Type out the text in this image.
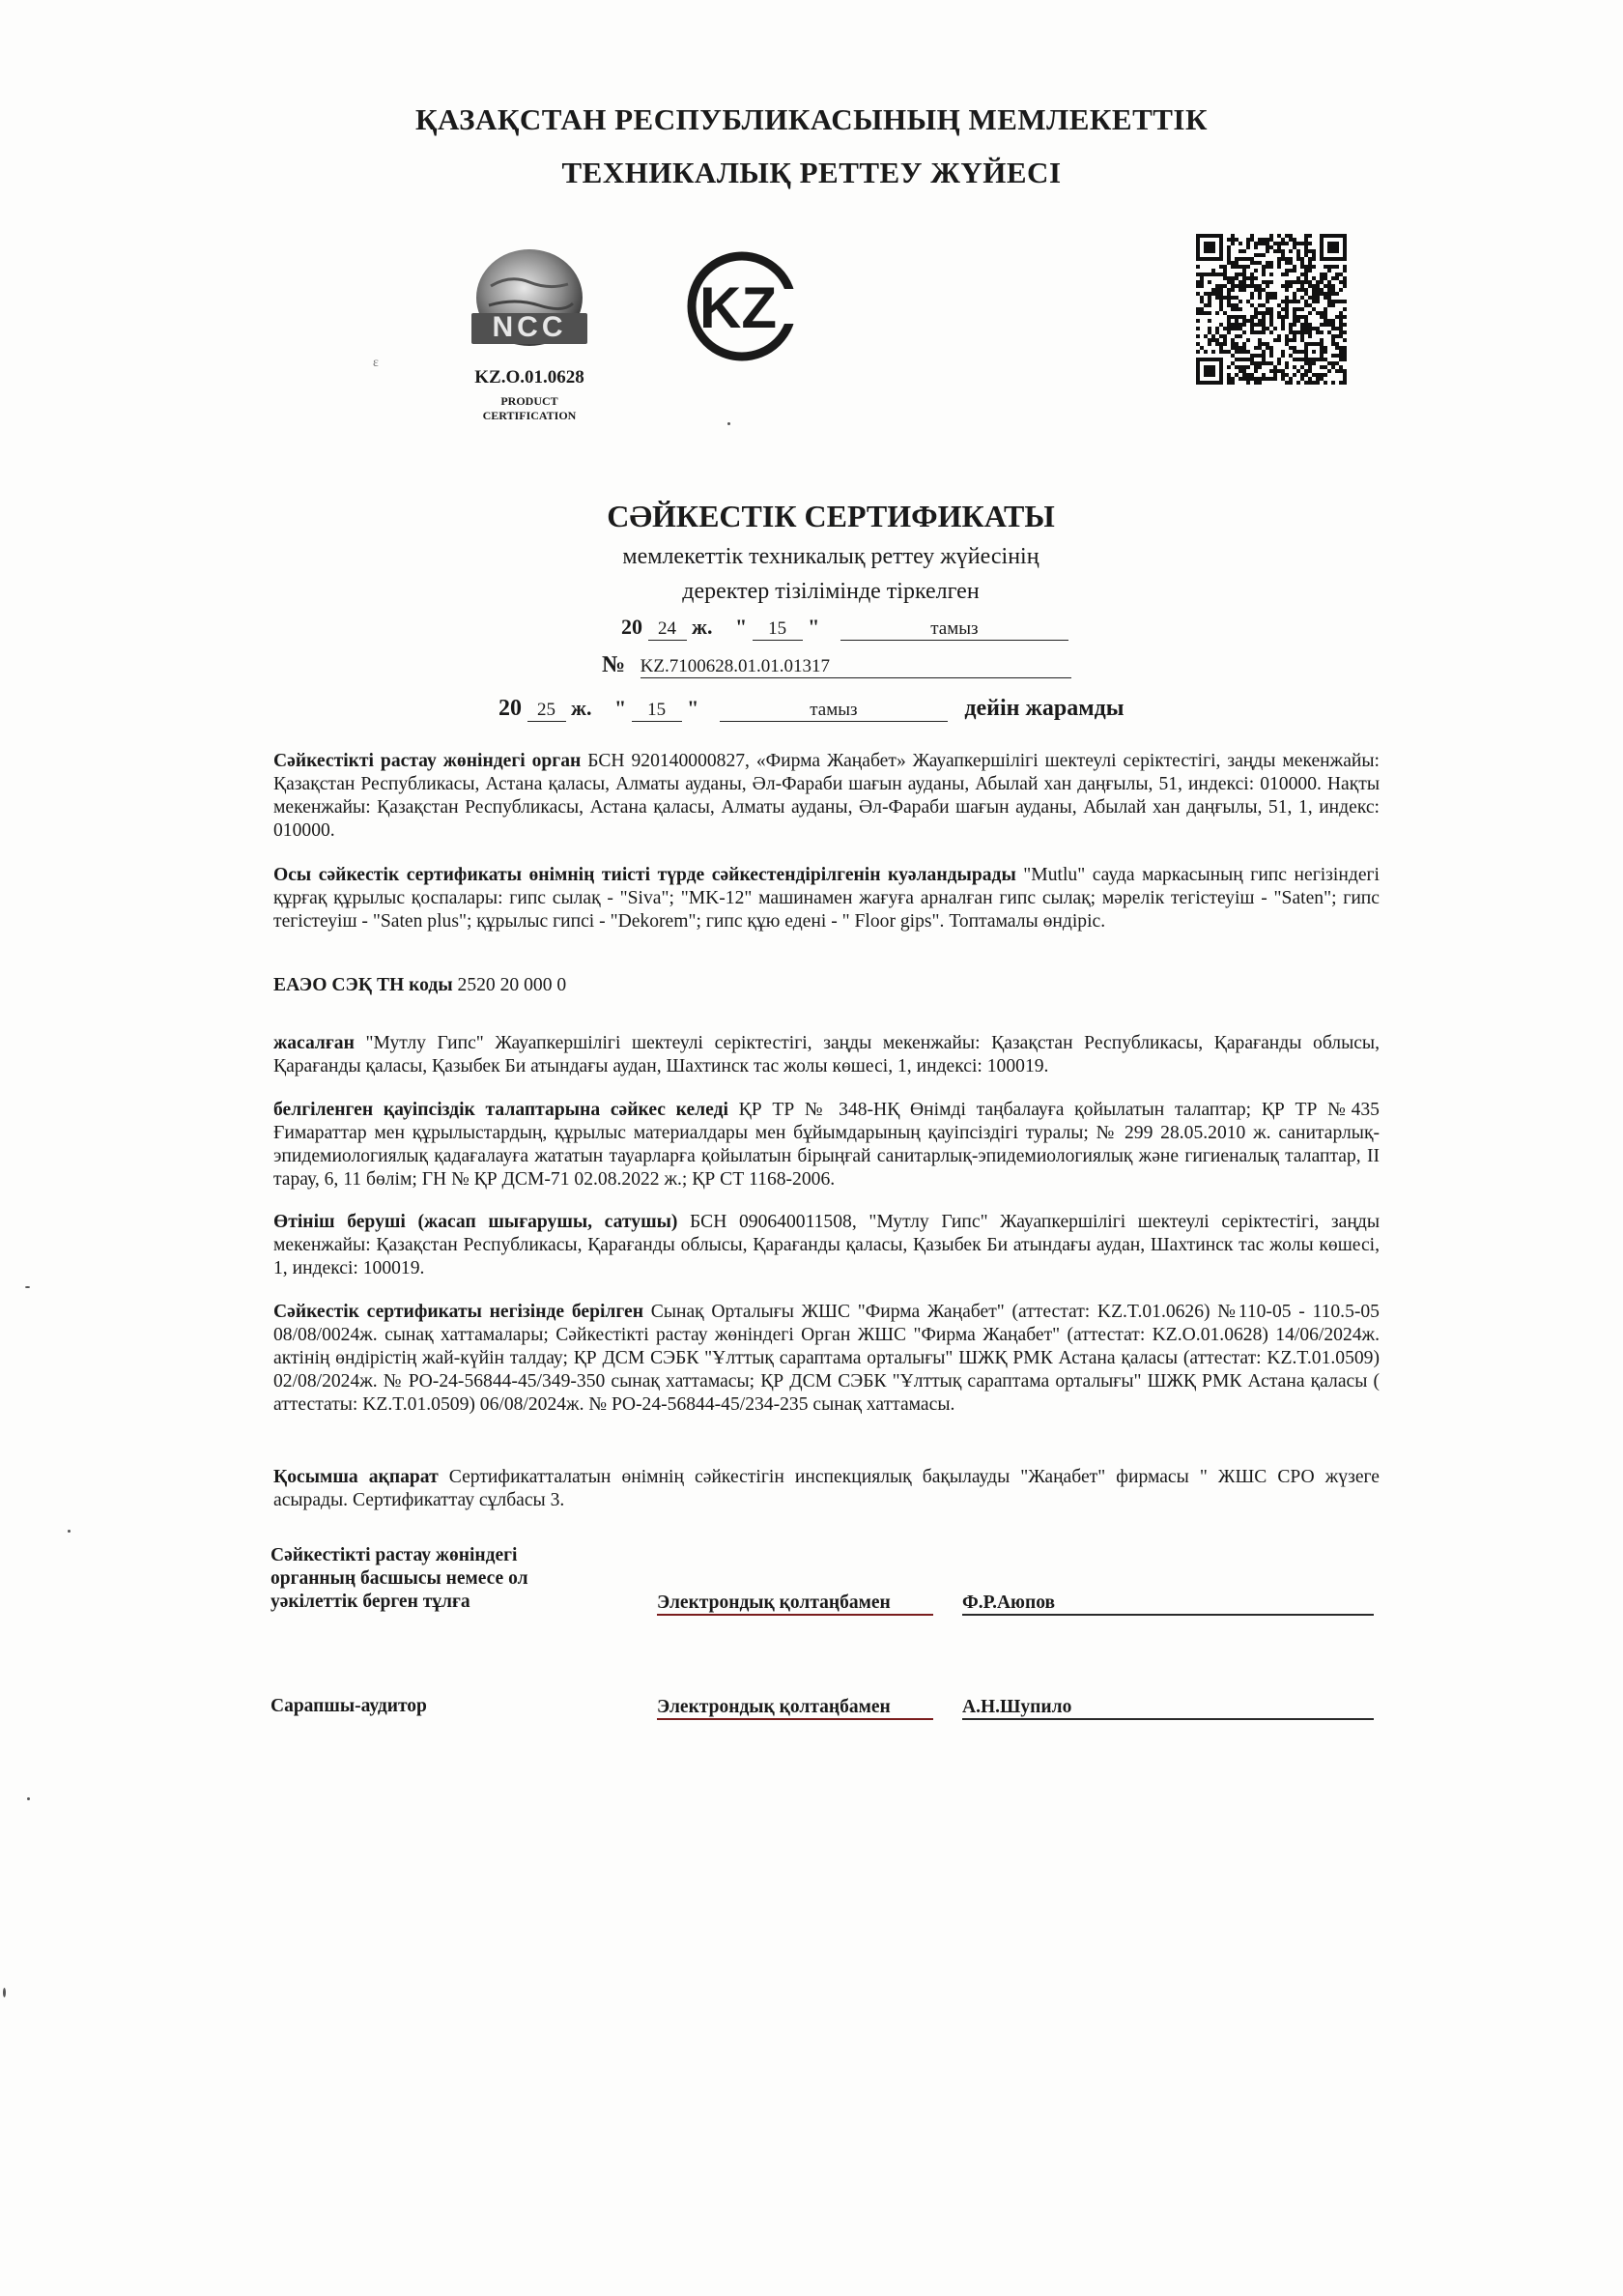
ҚАЗАҚСТАН РЕСПУБЛИКАСЫНЫҢ МЕМЛЕКЕТТІК
ТЕХНИКАЛЫҚ РЕТТЕУ ЖҮЙЕСІ
NCC
KZ.O.01.0628
PRODUCT
CERTIFICATION
KZ
ɛ
СӘЙКЕСТІК СЕРТИФИКАТЫ
мемлекеттік техникалық реттеу жүйесінің
деректер тізілімінде тіркелген
20 24 ж. " 15 "	тамыз
№ KZ.7100628.01.01.01317
20 25 ж. " 15 "	тамыз	дейін жарамды

Сәйкестікті растау жөніндегі орган БСН 920140000827, «Фирма Жаңабет» Жауапкершілігі шектеулі серіктестігі, заңды мекенжайы: Қазақстан Республикасы, Астана қаласы, Алматы ауданы, Әл-Фараби шағын ауданы, Абылай хан даңғылы, 51, индексі: 010000. Нақты мекенжайы: Қазақстан Республикасы, Астана қаласы, Алматы ауданы, Әл-Фараби шағын ауданы, Абылай хан даңғылы, 51, 1, индекс: 010000.

Осы сәйкестік сертификаты өнімнің тиісті түрде сәйкестендірілгенін куәландырады "Mutlu" сауда маркасының гипс негізіндегі құрғақ құрылыс қоспалары: гипс сылақ - "Siva"; "MK-12" машинамен жағуға арналған гипс сылақ; мәрелік тегістеуіш - "Saten"; гипс тегістеуіш - "Saten plus"; құрылыс гипсі - "Dekorem"; гипс құю едені - " Floor gips". Топтамалы өндіріс.

ЕАЭО СЭҚ ТН коды 2520 20 000 0

жасалған "Мутлу Гипс" Жауапкершілігі шектеулі серіктестігі, заңды мекенжайы: Қазақстан Республикасы, Қарағанды облысы, Қарағанды қаласы, Қазыбек Би атындағы аудан, Шахтинск тас жолы көшесі, 1, индексі: 100019.

белгіленген қауіпсіздік талаптарына сәйкес келеді ҚР ТР № 348-НҚ Өнімді таңбалауға қойылатын талаптар; ҚР ТР №435 Ғимараттар мен құрылыстардың, құрылыс материалдары мен бұйымдарының қауіпсіздігі туралы; № 299 28.05.2010 ж. санитарлық-эпидемиологиялық қадағалауға жататын тауарларға қойылатын бірыңғай санитарлық-эпидемиологиялық және гигиеналық талаптар, II тарау, 6, 11 бөлім; ГН № ҚР ДСМ-71 02.08.2022 ж.; ҚР СТ 1168-2006.

Өтініш беруші (жасап шығарушы, сатушы) БСН 090640011508, "Мутлу Гипс" Жауапкершілігі шектеулі серіктестігі, заңды мекенжайы: Қазақстан Республикасы, Қарағанды облысы, Қарағанды қаласы, Қазыбек Би атындағы аудан, Шахтинск тас жолы көшесі, 1, индексі: 100019.

Сәйкестік сертификаты негізінде берілген Сынақ Орталығы ЖШС "Фирма Жаңабет" (аттестат: KZ.T.01.0626) №110-05 - 110.5-05 08/08/0024ж. сынақ хаттамалары; Сәйкестікті растау жөніндегі Орган ЖШС "Фирма Жаңабет" (аттестат: KZ.O.01.0628) 14/06/2024ж. актінің өндірістің жай-күйін талдау; ҚР ДСМ СЭБК "Ұлттық сараптама орталығы" ШЖҚ РМК Астана қаласы (аттестат: KZ.T.01.0509) 02/08/2024ж. № PO-24-56844-45/349-350 сынақ хаттамасы; ҚР ДСМ СЭБК "Ұлттық сараптама орталығы" ШЖҚ РМК Астана қаласы ( аттестаты: KZ.T.01.0509) 06/08/2024ж. № PO-24-56844-45/234-235 сынақ хаттамасы.

Қосымша ақпарат Сертификатталатын өнімнің сәйкестігін инспекциялық бақылауды "Жаңабет" фирмасы " ЖШС СРО жүзеге асырады. Сертификаттау сұлбасы 3.

Сәйкестікті растау жөніндегі
органның басшысы немесе ол
уәкілеттік берген тұлға	Электрондық қолтаңбамен	Ф.Р.Аюпов
Сарапшы-аудитор	Электрондық қолтаңбамен	А.Н.Шупило
